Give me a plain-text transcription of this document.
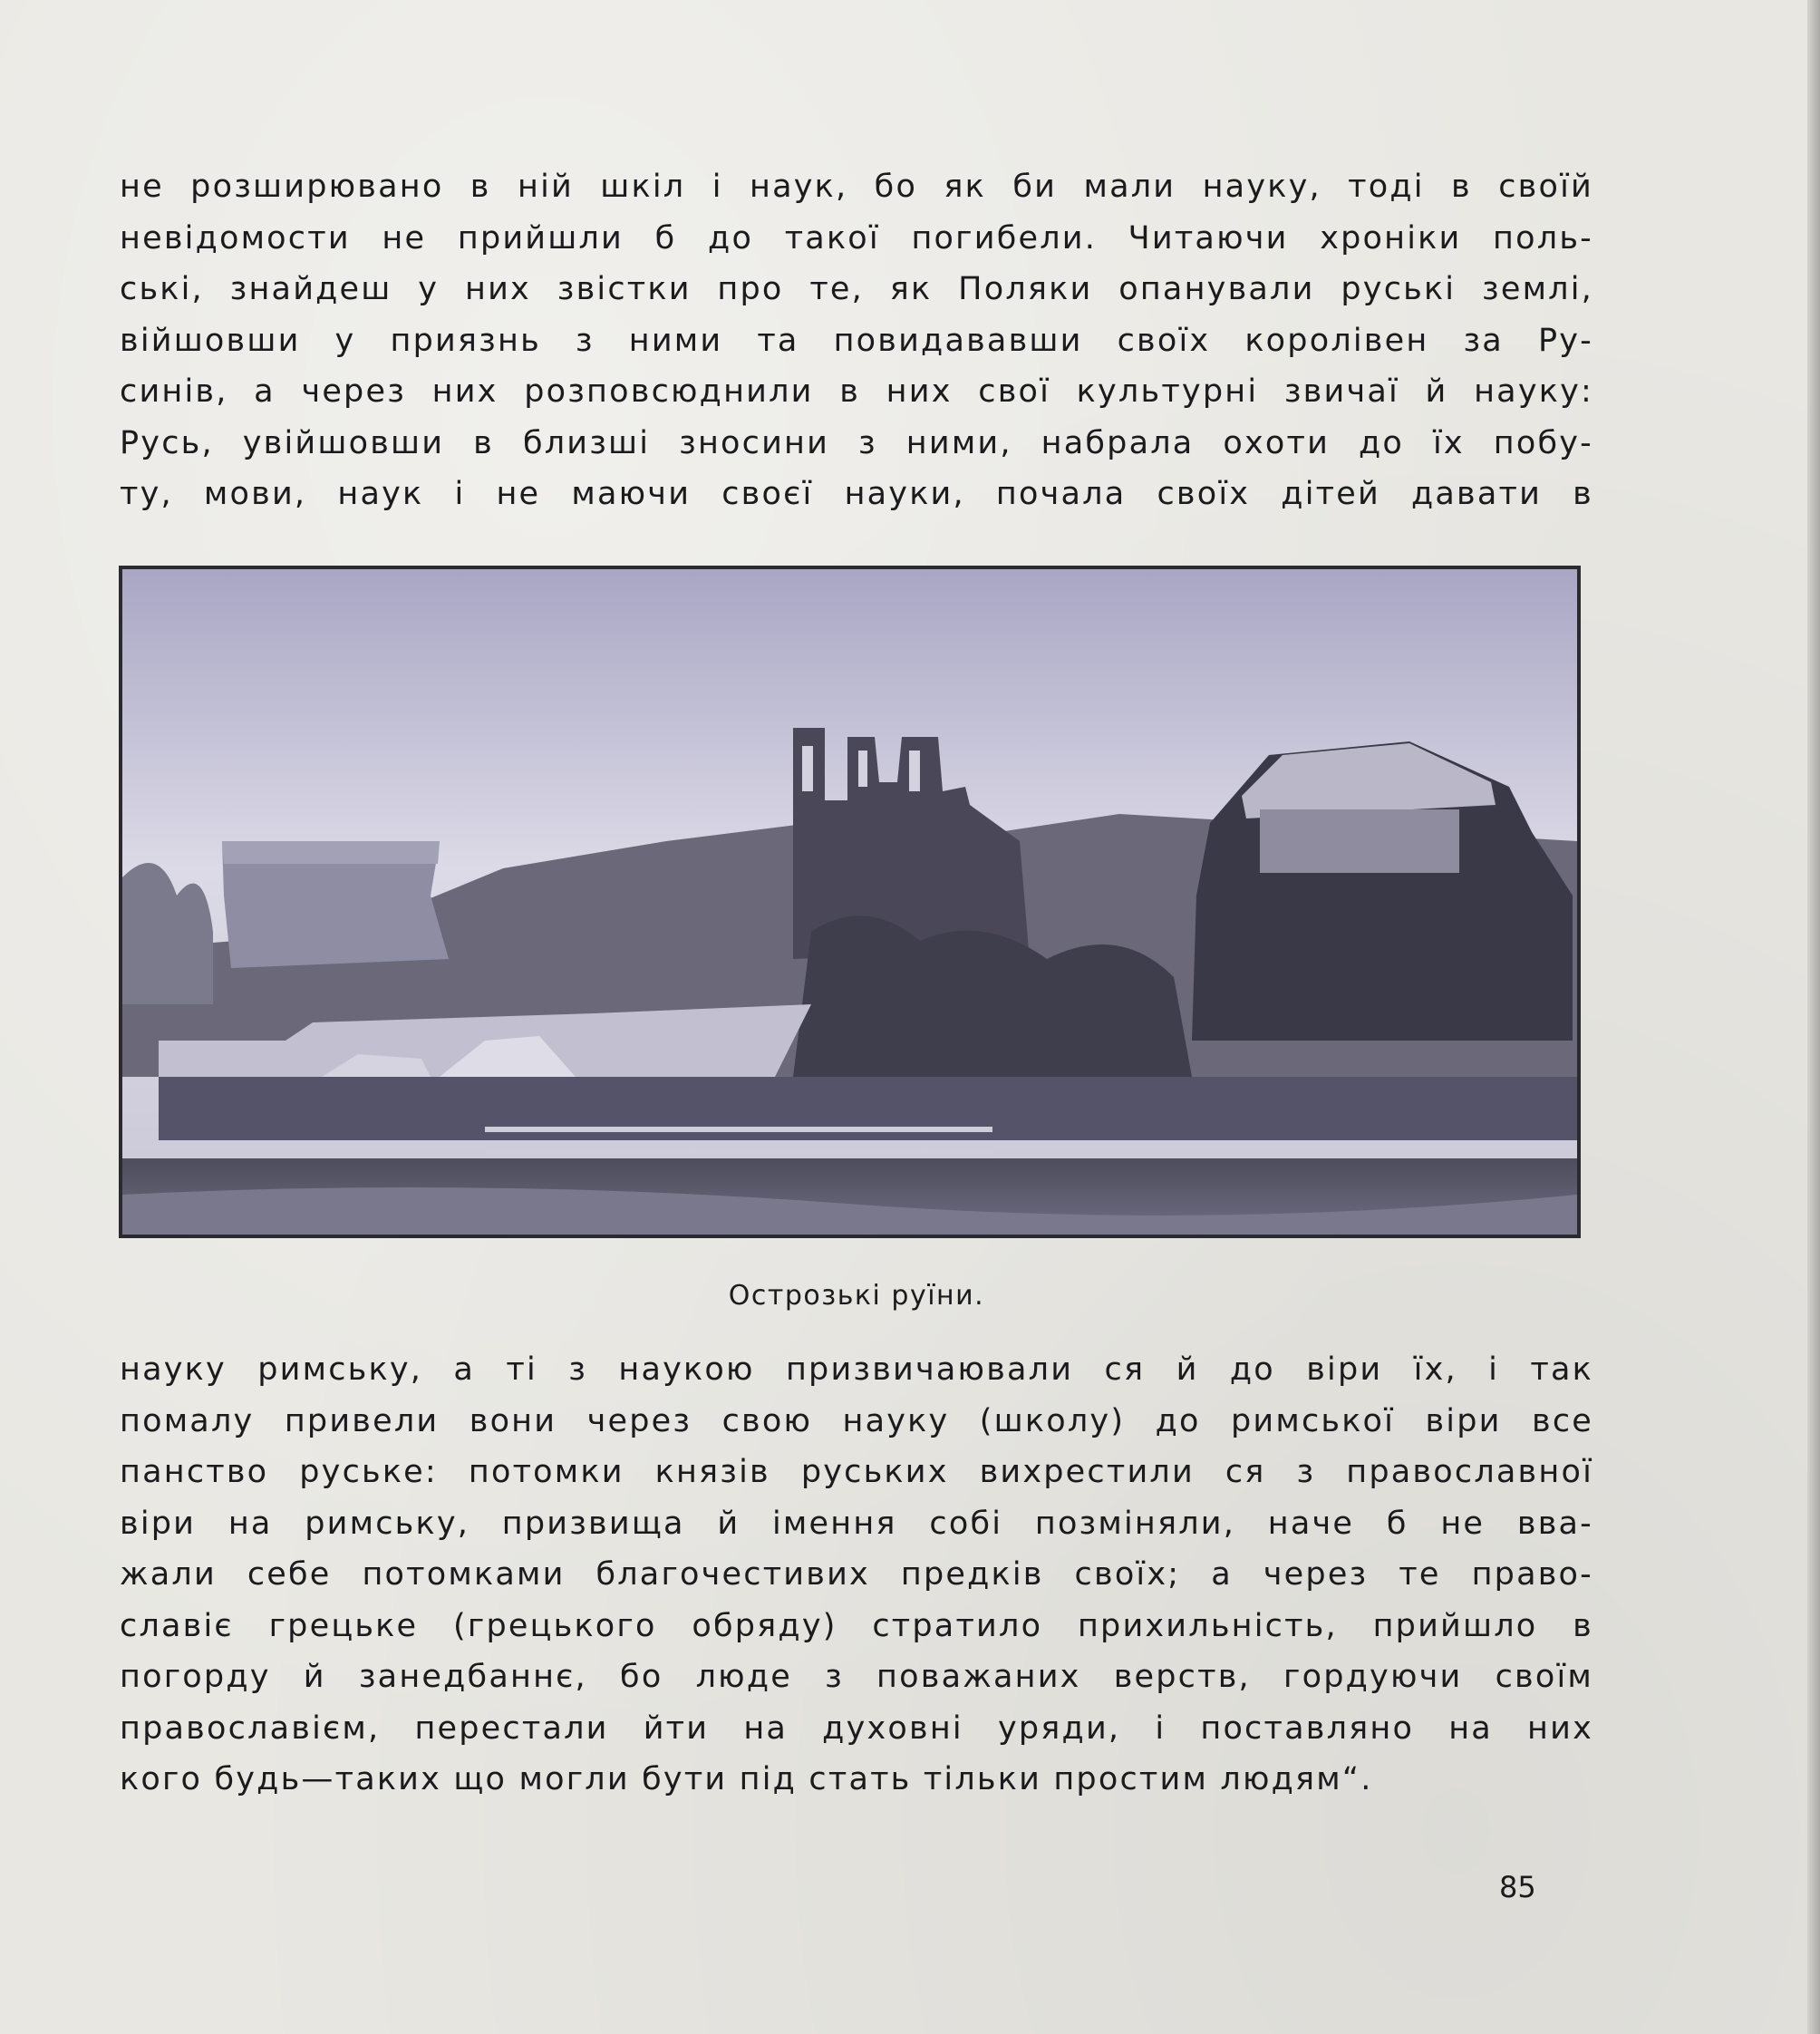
не розширювано в ній шкіл і наук, бо як би мали науку, тоді в своїй
невідомости не прийшли б до такої погибели. Читаючи хроніки поль-
ські, знайдеш у них звістки про те, як Поляки опанували руські землі,
війшовши у приязнь з ними та повидававши своїх королівен за Ру-
синів, а через них розповсюднили в них свої культурні звичаї й науку:
Русь, увійшовши в близші зносини з ними, набрала охоти до їх побу-
ту, мови, наук і не маючи своєї науки, почала своїх дітей давати в
Острозькі руїни.
науку римську, а ті з наукою призвичаювали ся й до віри їх, і так
помалу привели вони через свою науку (школу) до римської віри все
панство руське: потомки князів руських вихрестили ся з православної
віри на римську, призвища й імення собі позміняли, наче б не вва-
жали себе потомками благочестивих предків своїх; а через те право-
славіє грецьке (грецького обряду) стратило прихильність, прийшло в
погорду й занедбаннє, бо люде з поважаних верств, гордуючи своїм
православієм, перестали йти на духовні уряди, і поставляно на них
кого будь—таких що могли бути під стать тільки простим людям“.
85
